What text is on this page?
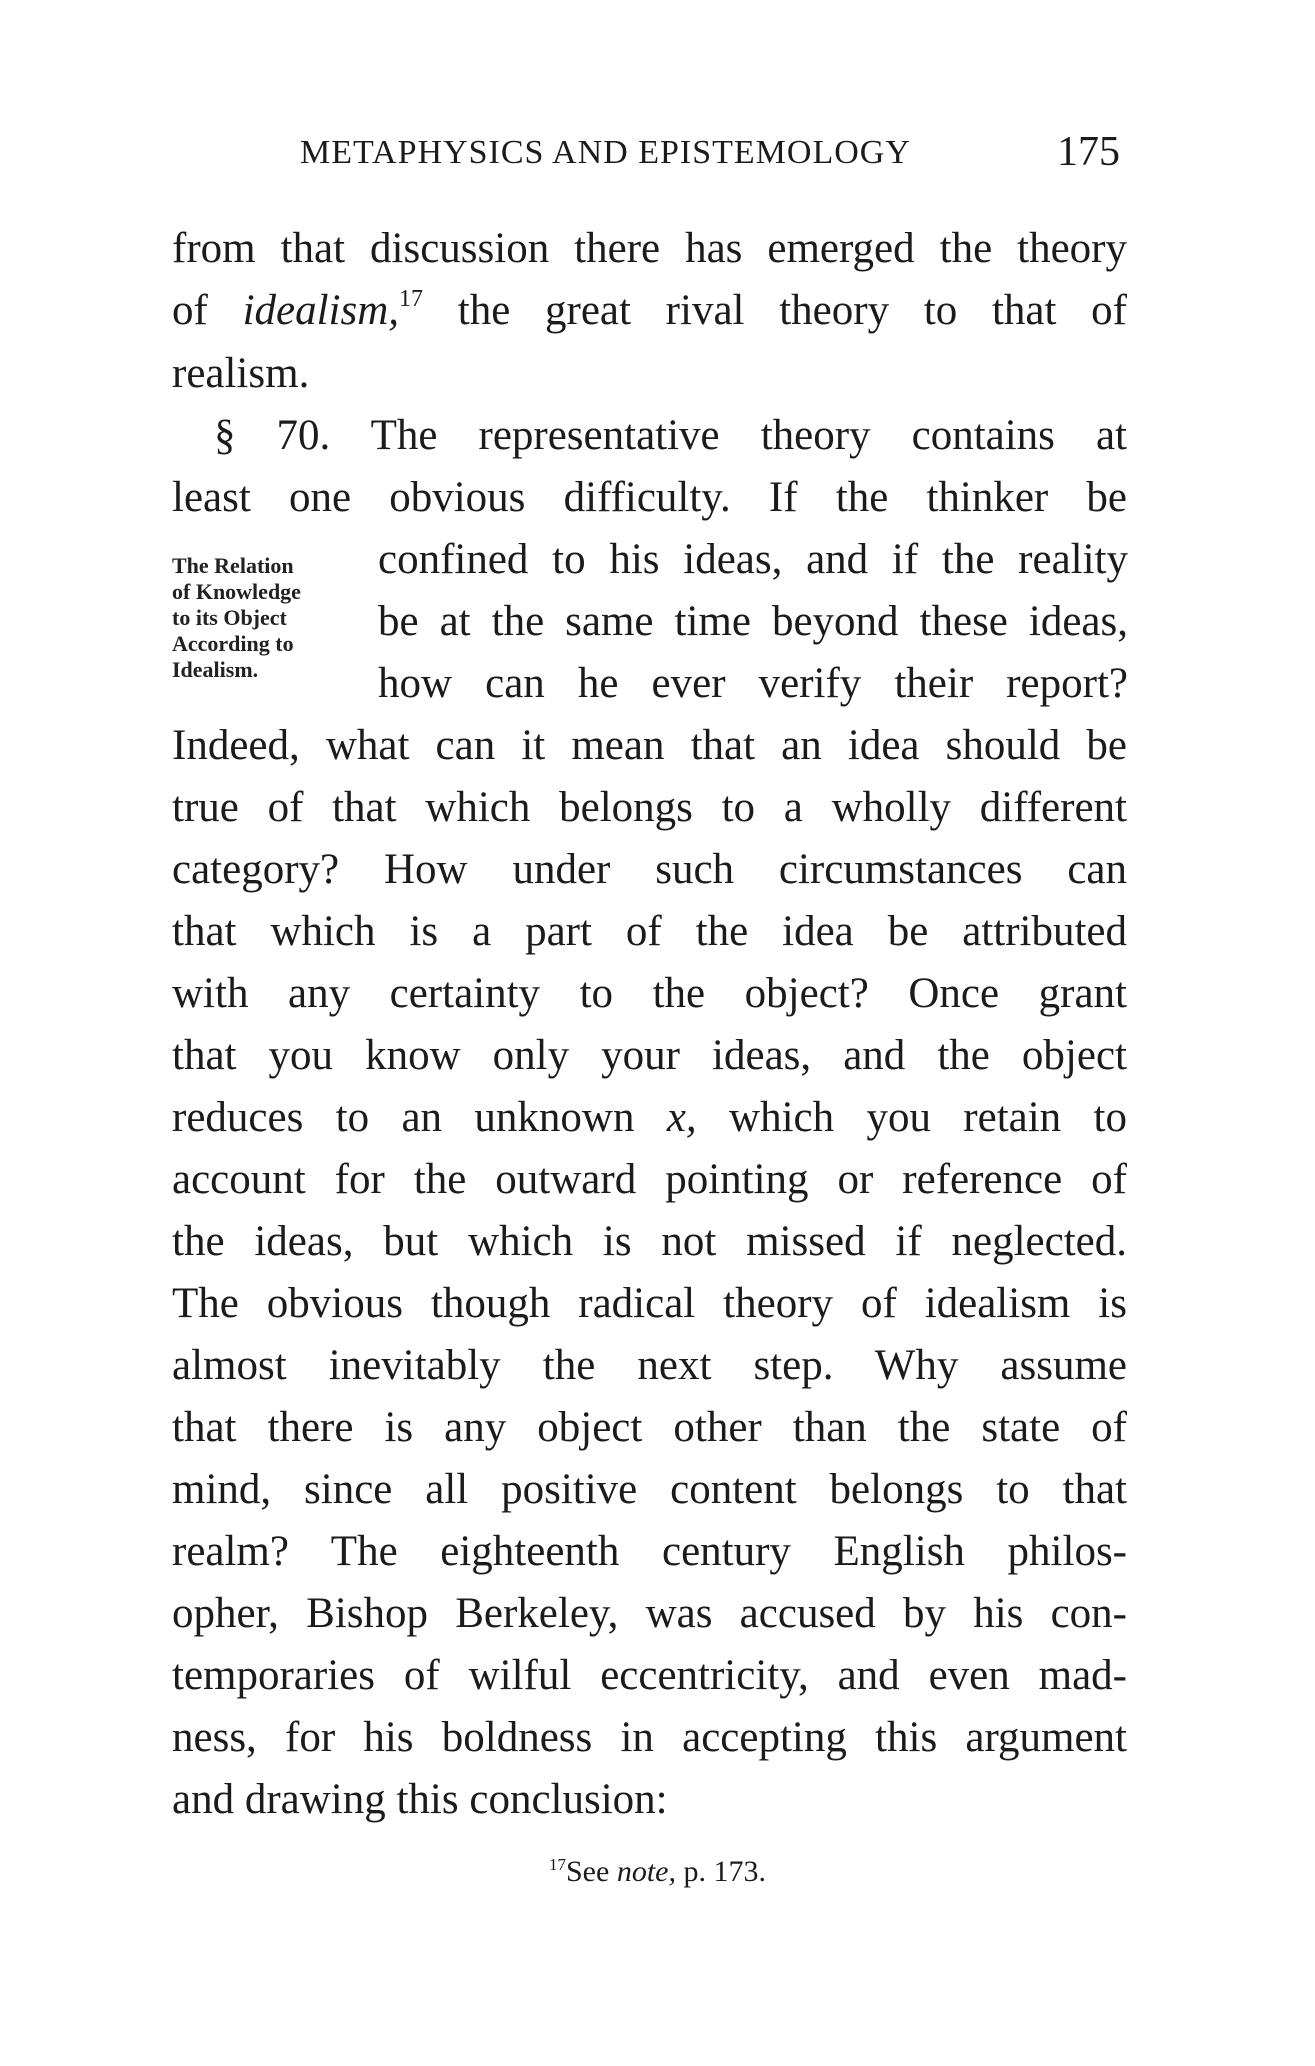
METAPHYSICS AND EPISTEMOLOGY	175
from that discussion there has emerged the theory
of idealism,$^{17}$ the great rival theory to that of
realism.
§ 70. The representative theory contains at
least one obvious difficulty. If the thinker be
The Relation
of Knowledge
to its Object
According to
Idealism.
confined to his ideas, and if the reality
be at the same time beyond these ideas,
how can he ever verify their report?
Indeed, what can it mean that an idea should be
true of that which belongs to a wholly different
category? How under such circumstances can
that which is a part of the idea be attributed
with any certainty to the object? Once grant
that you know only your ideas, and the object
reduces to an unknown x, which you retain to
account for the outward pointing or reference of
the ideas, but which is not missed if neglected.
The obvious though radical theory of idealism is
almost inevitably the next step. Why assume
that there is any object other than the state of
mind, since all positive content belongs to that
realm? The eighteenth century English philos-
opher, Bishop Berkeley, was accused by his con-
temporaries of wilful eccentricity, and even mad-
ness, for his boldness in accepting this argument
and drawing this conclusion:
$^{17}$See note, p. 173.
